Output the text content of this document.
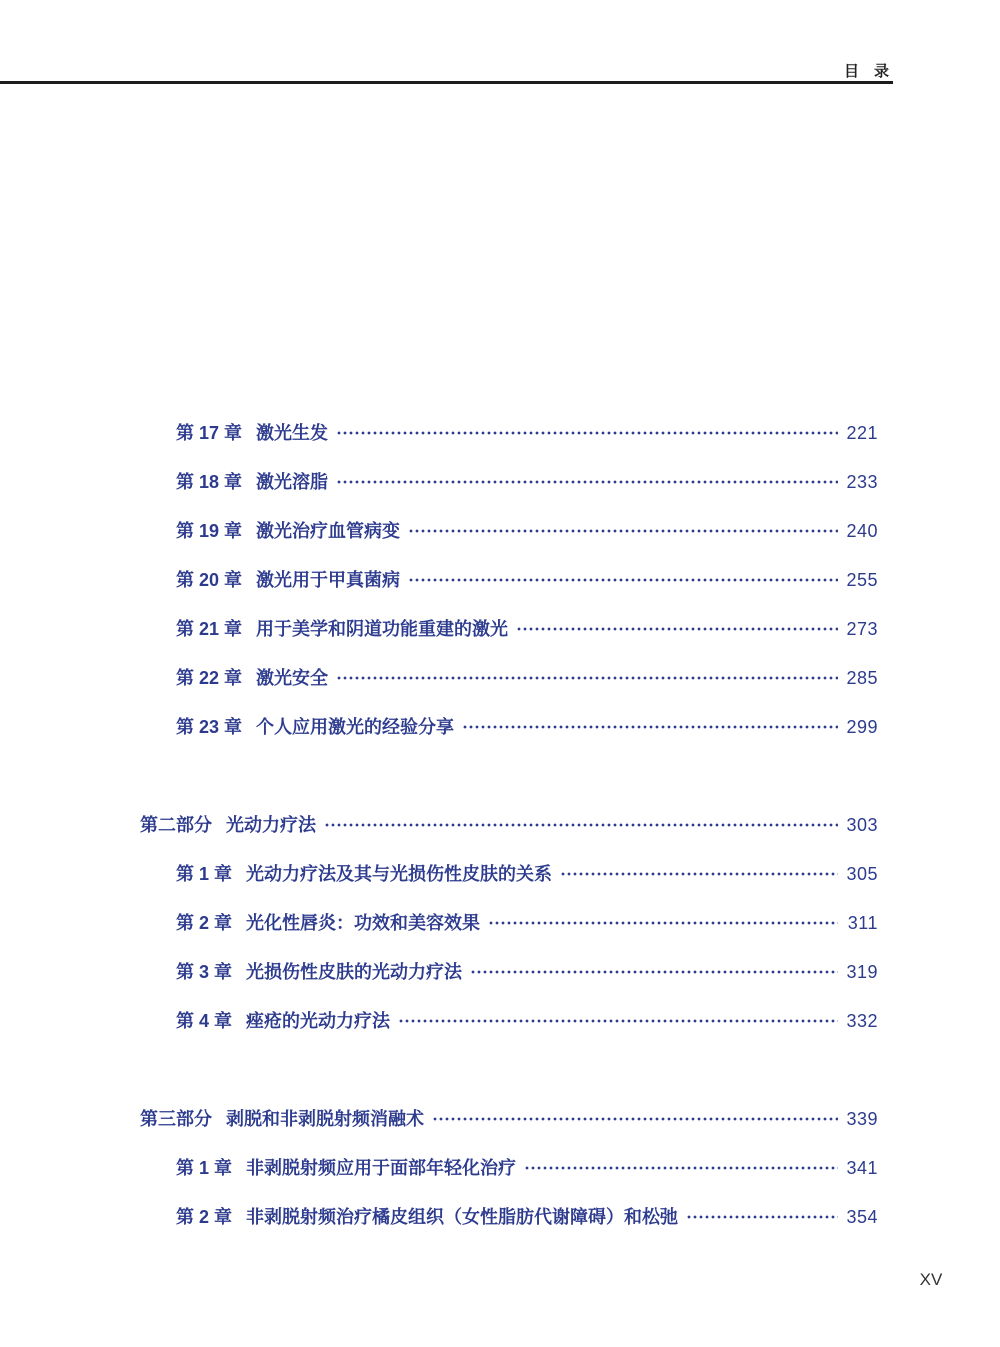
目　录
第 17 章 激光生发	221
第 18 章 激光溶脂	233
第 19 章 激光治疗血管病变	240
第 20 章 激光用于甲真菌病	255
第 21 章 用于美学和阴道功能重建的激光	273
第 22 章 激光安全	285
第 23 章 个人应用激光的经验分享	299
第二部分 光动力疗法	303
第 1 章 光动力疗法及其与光损伤性皮肤的关系	305
第 2 章 光化性唇炎：功效和美容效果	311
第 3 章 光损伤性皮肤的光动力疗法	319
第 4 章 痤疮的光动力疗法	332
第三部分 剥脱和非剥脱射频消融术	339
第 1 章 非剥脱射频应用于面部年轻化治疗	341
第 2 章 非剥脱射频治疗橘皮组织（女性脂肪代谢障碍）和松弛	354
XV
